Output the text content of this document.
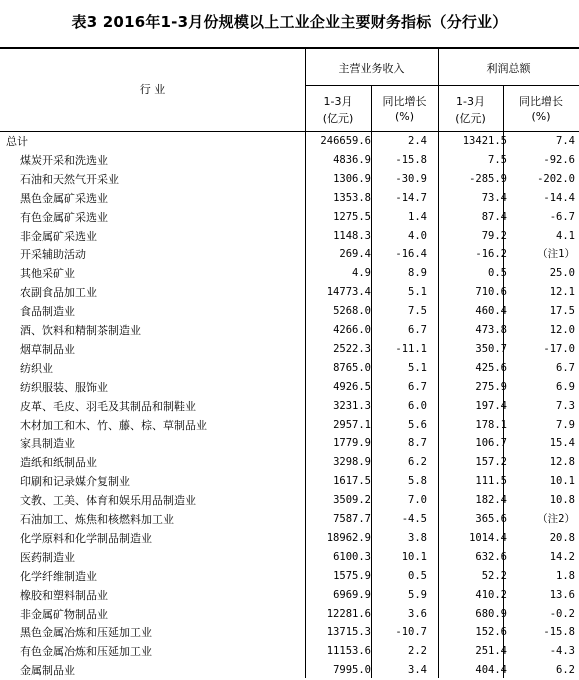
表3 2016年1-3月份规模以上工业企业主要财务指标（分行业）
行 业
主营业务收入	利润总额
1-3月
(亿元)
同比增长
(%)
1-3月
(亿元)
同比增长
(%)
总计	246659.6	2.4	13421.5	7.4
煤炭开采和洗选业	4836.9 -15.8	7.5	-92.6
石油和天然气开采业	1306.9 -30.9	-285.9	-202.0
黑色金属矿采选业	1353.8 -14.7	73.4	-14.4
有色金属矿采选业	1275.5	1.4	87.4	-6.7
非金属矿采选业	1148.3	4.0	79.2	4.1
开采辅助活动	269.4 -16.4	-16.2	（注1）
其他采矿业	4.9	8.9	0.5	25.0
农副食品加工业	14773.4	5.1	710.6	12.1
食品制造业	5268.0	7.5	460.4	17.5
酒、饮料和精制茶制造业	4266.0	6.7	473.8	12.0
烟草制品业	2522.3 -11.1	350.7	-17.0
纺织业	8765.0	5.1	425.6	6.7
纺织服装、服饰业	4926.5	6.7	275.9	6.9
皮革、毛皮、羽毛及其制品和制鞋业	3231.3	6.0	197.4	7.3
木材加工和木、竹、藤、棕、草制品业	2957.1	5.6	178.1	7.9
家具制造业	1779.9	8.7	106.7	15.4
造纸和纸制品业	3298.9	6.2	157.2	12.8
印刷和记录媒介复制业	1617.5	5.8	111.5	10.1
文教、工美、体育和娱乐用品制造业	3509.2	7.0	182.4	10.8
石油加工、炼焦和核燃料加工业	7587.7	-4.5	365.6	（注2）
化学原料和化学制品制造业	18962.9	3.8	1014.4	20.8
医药制造业	6100.3	10.1	632.6	14.2
化学纤维制造业	1575.9	0.5	52.2	1.8
橡胶和塑料制品业	6969.9	5.9	410.2	13.6
非金属矿物制品业	12281.6	3.6	680.9	-0.2
黑色金属冶炼和压延加工业	13715.3 -10.7	152.6	-15.8
有色金属冶炼和压延加工业	11153.6	2.2	251.4	-4.3
金属制品业	7995.0	3.4	404.4	6.2
